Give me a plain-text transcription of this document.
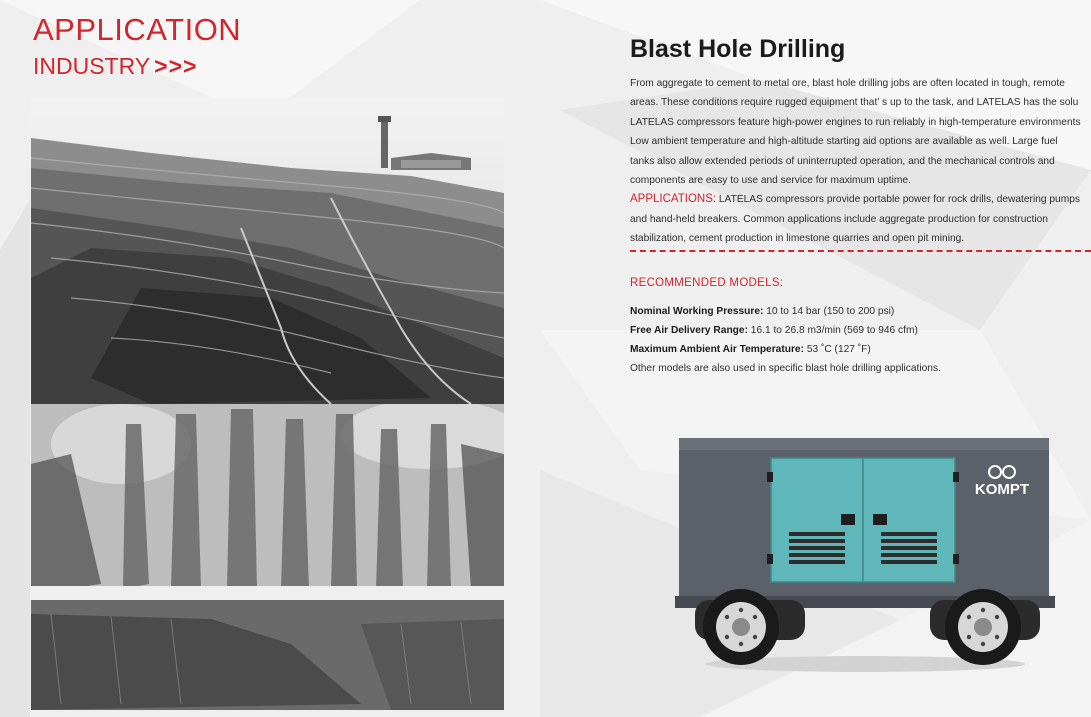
APPLICATION
INDUSTRY >>>
Blast Hole Drilling
From aggregate to cement to metal ore, blast hole drilling jobs are often located in tough, remote
areas. These conditions require rugged equipment that’ s up to the task, and LATELAS has the solu
LATELAS compressors feature high-power engines to run reliably in high-temperature environments
Low ambient temperature and high-altitude starting aid options are available as well. Large fuel
tanks also allow extended periods of uninterrupted operation, and the mechanical controls and
components are easy to use and service for maximum uptime.
APPLICATIONS: LATELAS compressors provide portable power for rock drills, dewatering pumps
and hand-held breakers. Common applications include aggregate production for construction
stabilization, cement production in limestone quarries and open pit mining.
RECOMMENDED MODELS:
Nominal Working Pressure: 10 to 14 bar (150 to 200 psi)
Free Air Delivery Range: 16.1 to 26.8 m3/min (569 to 946 cfm)
Maximum Ambient Air Temperature: 53 ˚C (127 ˚F)
Other models are also used in specific blast hole drilling applications.
KOMPT
